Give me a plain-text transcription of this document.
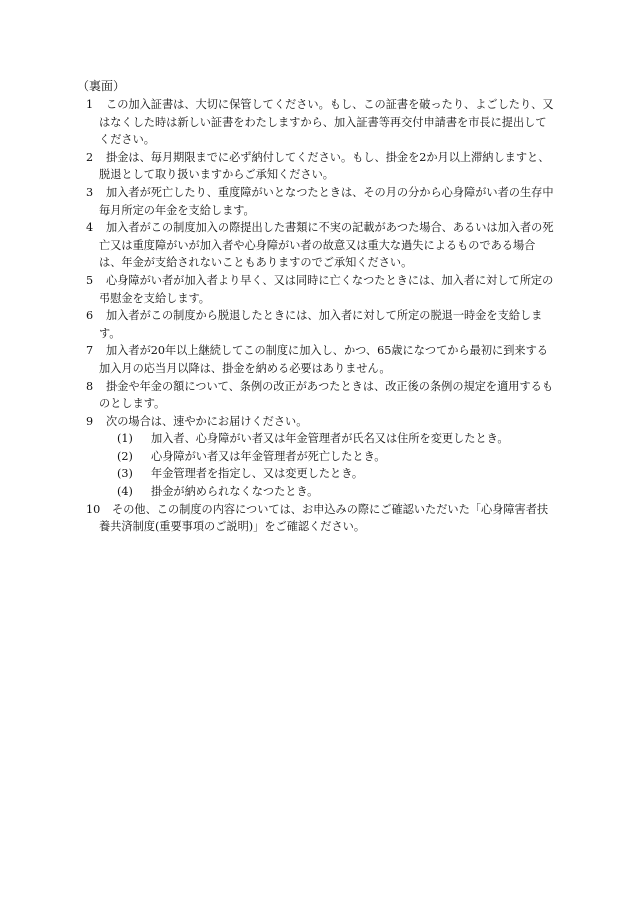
（裏面）
1 この加入証書は、大切に保管してください。もし、この証書を破ったり、よごしたり、又はなくした時は新しい証書をわたしますから、加入証書等再交付申請書を市長に提出してください。
2 掛金は、毎月期限までに必ず納付してください。もし、掛金を2か月以上滞納しますと、脱退として取り扱いますからご承知ください。
3 加入者が死亡したり、重度障がいとなつたときは、その月の分から心身障がい者の生存中毎月所定の年金を支給します。
4 加入者がこの制度加入の際提出した書類に不実の記載があつた場合、あるいは加入者の死亡又は重度障がいが加入者や心身障がい者の故意又は重大な過失によるものである場合は、年金が支給されないこともありますのでご承知ください。
5 心身障がい者が加入者より早く、又は同時に亡くなつたときには、加入者に対して所定の弔慰金を支給します。
6 加入者がこの制度から脱退したときには、加入者に対して所定の脱退一時金を支給します。
7 加入者が20年以上継続してこの制度に加入し、かつ、65歳になつてから最初に到来する加入月の応当月以降は、掛金を納める必要はありません。
8 掛金や年金の額について、条例の改正があつたときは、改正後の条例の規定を適用するものとします。
9 次の場合は、速やかにお届けください。
(1) 加入者、心身障がい者又は年金管理者が氏名又は住所を変更したとき。
(2) 心身障がい者又は年金管理者が死亡したとき。
(3) 年金管理者を指定し、又は変更したとき。
(4) 掛金が納められなくなつたとき。
10 その他、この制度の内容については、お申込みの際にご確認いただいた「心身障害者扶養共済制度(重要事項のご説明)」をご確認ください。
